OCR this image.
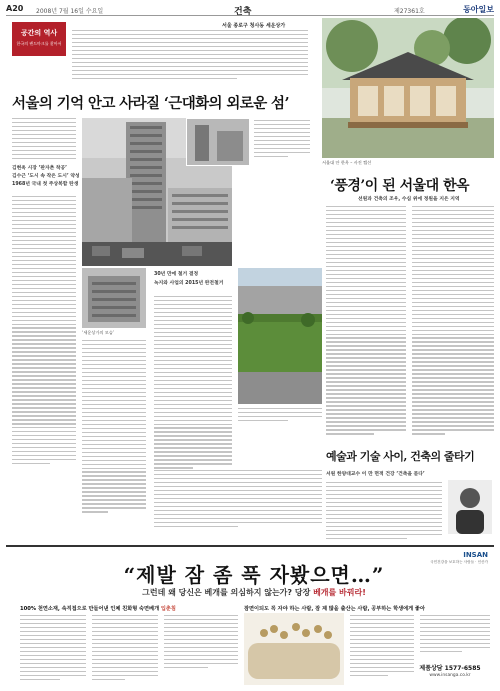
A20 2008년 7월 16일 수요일	건축	제27361호	동아일보
공간의 역사
한국의 랜드마크를 찾아서
서울 종로구 청사동 세운상가
서울대 안 한옥 – 사진 캡션
서울의 기억 안고 사라질 ‘근대화의 외로운 섬’
‘풍경’이 된 서울대 한옥
선원과 건축의 조우, 수심 위에 정원을 지은 지역
김현옥 시장 ‘판자촌 착공’
김수근 ‘도시 속 작은 도시’ 약성
1968년 국내 첫 주상복합 탄생
‘세운상가의 모습’
30년 만에 철거 결정
녹지와 사업의 2015년 완전철거
예술과 기술 사이, 건축의 줄타기
서원 한양대교수 이 만 면적 건강 ‘건축을 묻다’
INSAN
국민건강을 보호하는 사람들 · 인산가
“제발 잠 좀 푹 자봤으면…”
그런데 왜 당신은 베개를 의심하지 않는가? 당장 베개를 바꿔라!
100% 천연소재, 속직접으로 만들어낸 인체 친화형 숙면베개 입춘침	잠면이되도 꼭 자야 하는 사람, 잠 제 많을 출산는 사람, 공부하는 학생에게 좋아
제품상담 1577-6585
www.insanga.co.kr
